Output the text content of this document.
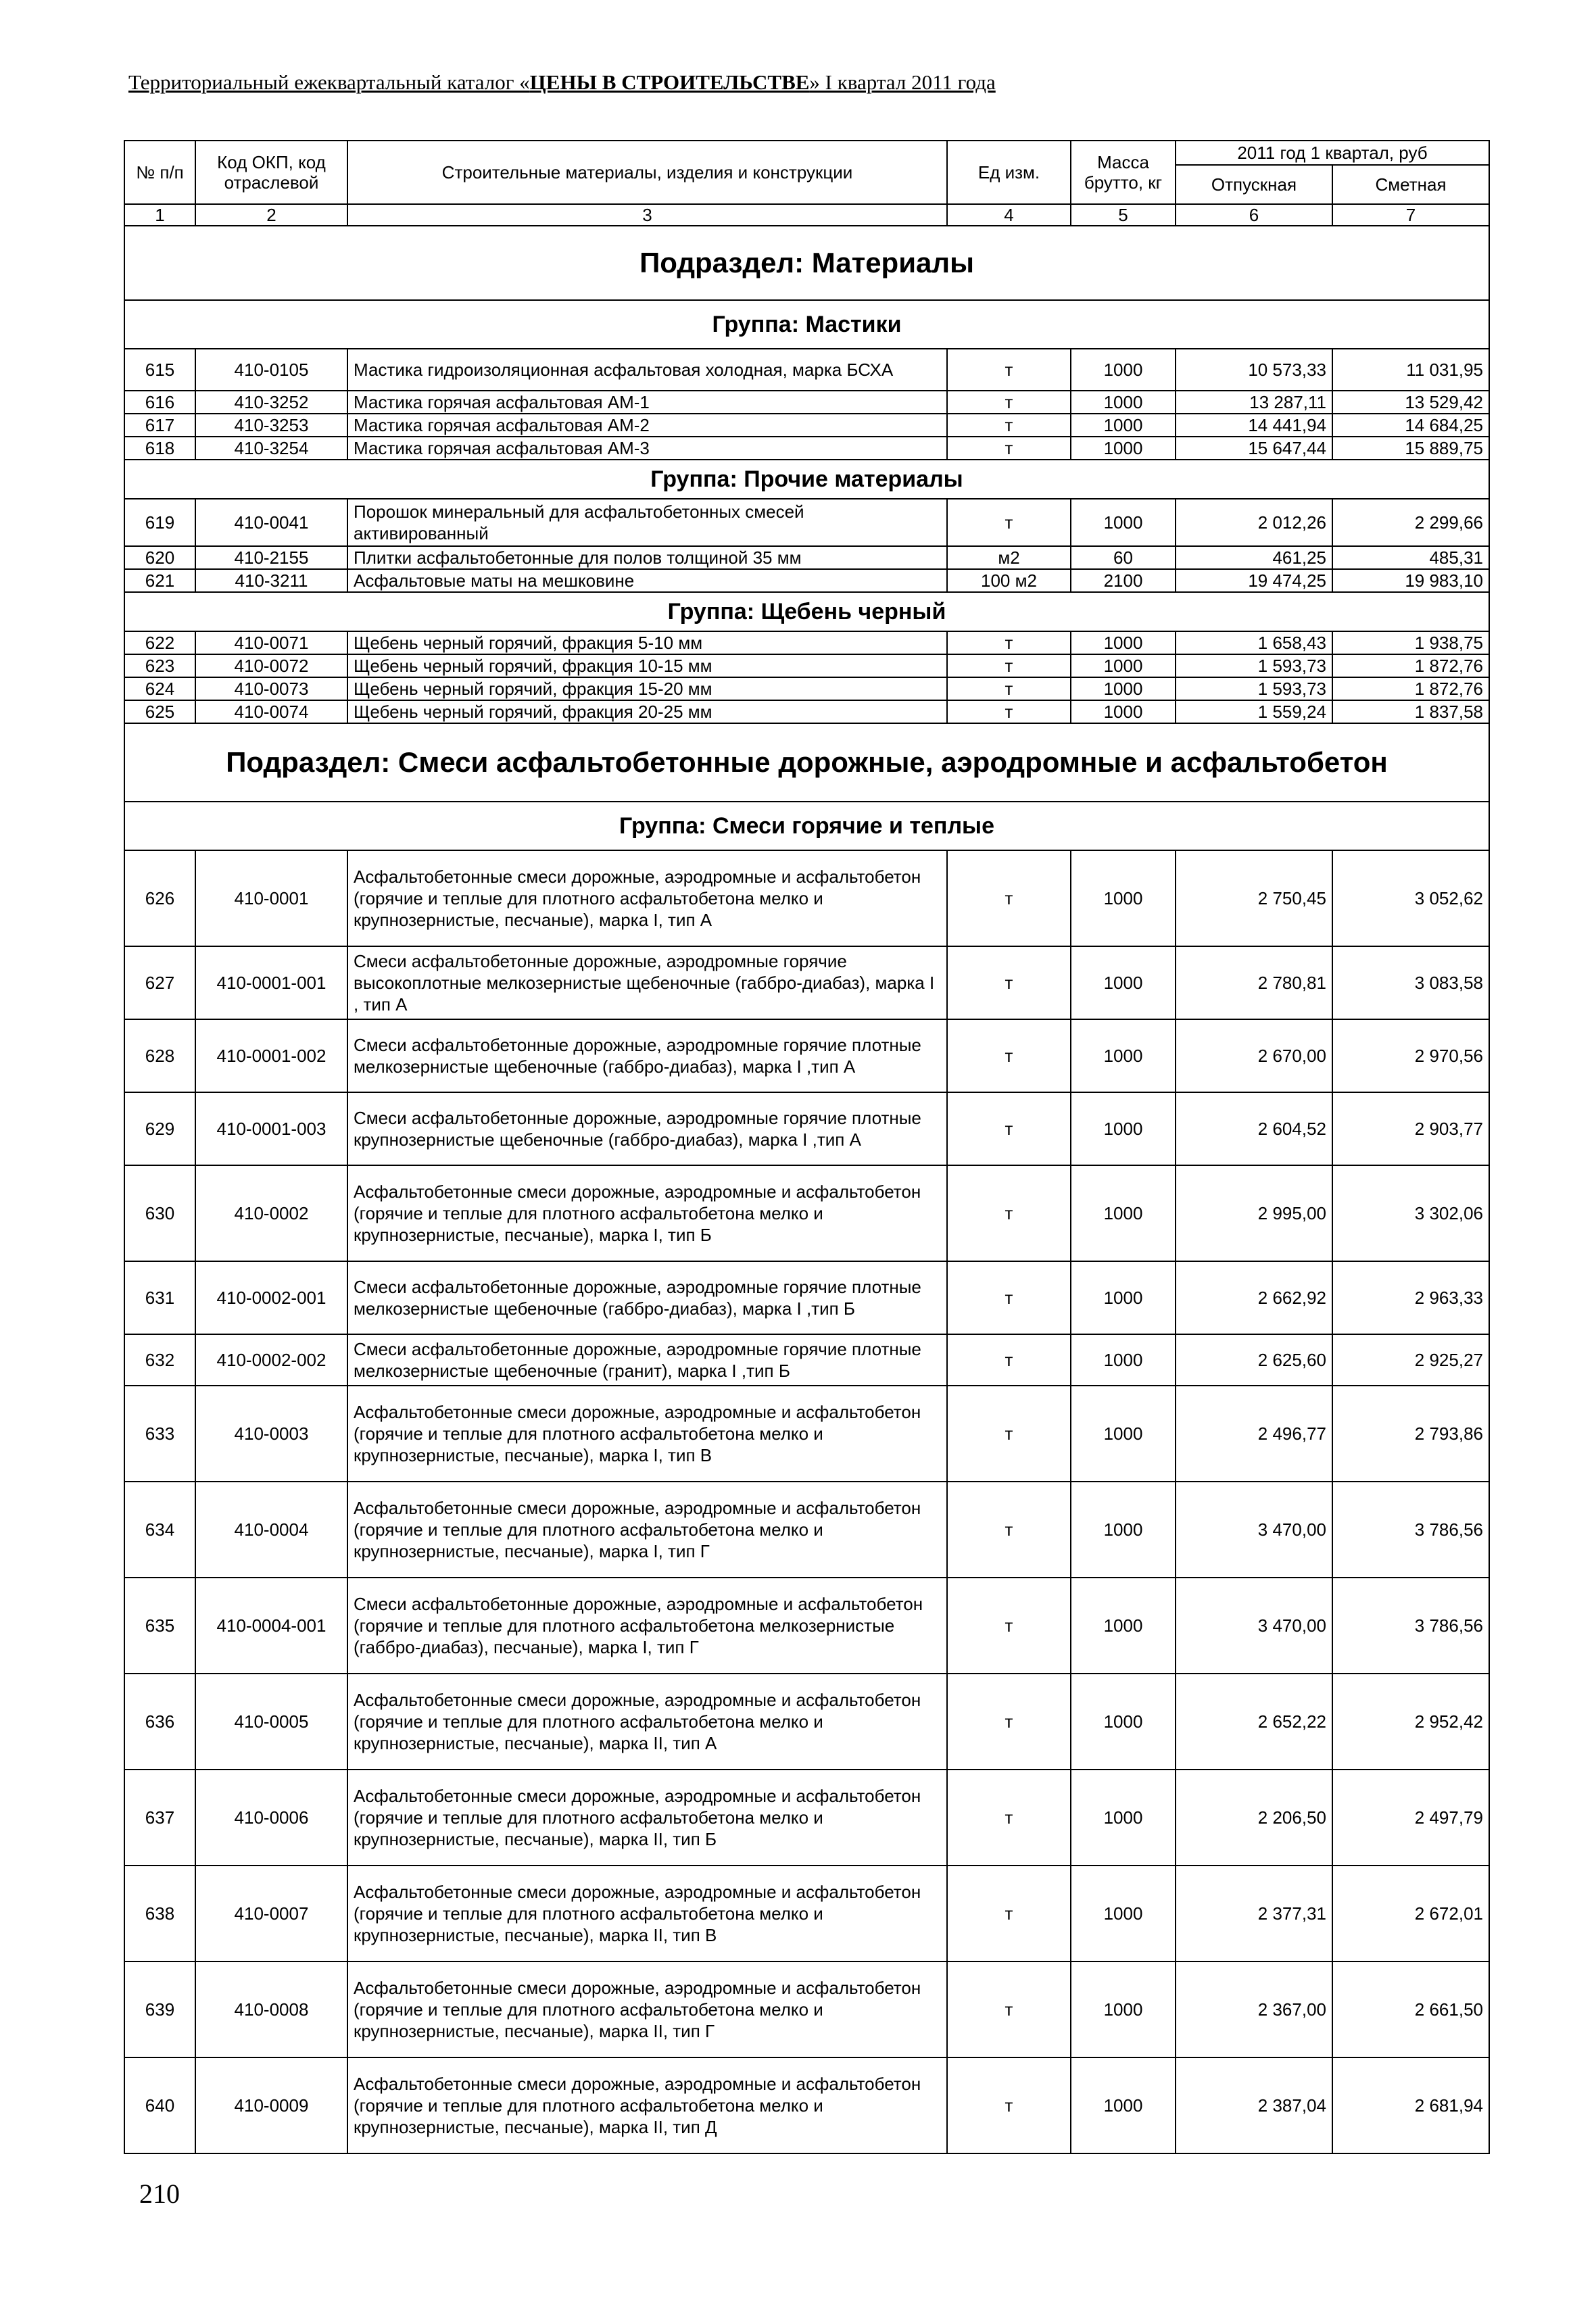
Территориальный ежеквартальный каталог «ЦЕНЫ В СТРОИТЕЛЬСТВЕ» I квартал 2011 года
№ п/п	Код ОКП, код отраслевой	Строительные материалы, изделия и конструкции	Ед изм.	Масса брутто, кг	2011 год 1 квартал, руб	
					Отпускная	Сметная
1	2	3	4	5	6	7
Подраздел: Материалы						
Группа: Мастики						
615	410-0105	Мастика гидроизоляционная асфальтовая холодная, марка БСХА	т	1000	10 573,33	11 031,95
616	410-3252	Мастика горячая асфальтовая АМ-1	т	1000	13 287,11	13 529,42
617	410-3253	Мастика горячая асфальтовая АМ-2	т	1000	14 441,94	14 684,25
618	410-3254	Мастика горячая асфальтовая АМ-3	т	1000	15 647,44	15 889,75
Группа: Прочие материалы						
619	410-0041	Порошок минеральный для асфальтобетонных смесей активированный	т	1000	2 012,26	2 299,66
620	410-2155	Плитки асфальтобетонные для полов толщиной 35 мм	м2	60	461,25	485,31
621	410-3211	Асфальтовые маты на мешковине	100 м2	2100	19 474,25	19 983,10
Группа: Щебень черный						
622	410-0071	Щебень черный горячий, фракция 5-10 мм	т	1000	1 658,43	1 938,75
623	410-0072	Щебень черный горячий, фракция 10-15 мм	т	1000	1 593,73	1 872,76
624	410-0073	Щебень черный горячий, фракция 15-20 мм	т	1000	1 593,73	1 872,76
625	410-0074	Щебень черный горячий, фракция 20-25 мм	т	1000	1 559,24	1 837,58
Подраздел: Смеси асфальтобетонные дорожные, аэродромные и асфальтобетон						
Группа: Смеси горячие и теплые						
626	410-0001	Асфальтобетонные смеси дорожные, аэродромные и асфальтобетон (горячие и теплые для плотного асфальтобетона мелко и крупнозернистые, песчаные), марка I, тип А	т	1000	2 750,45	3 052,62
627	410-0001-001	Смеси асфальтобетонные дорожные, аэродромные горячие высокоплотные мелкозернистые щебеночные (габбро-диабаз), марка I , тип А	т	1000	2 780,81	3 083,58
628	410-0001-002	Смеси асфальтобетонные дорожные, аэродромные горячие плотные мелкозернистые щебеночные (габбро-диабаз), марка I ,тип А	т	1000	2 670,00	2 970,56
629	410-0001-003	Смеси асфальтобетонные дорожные, аэродромные горячие плотные крупнозернистые щебеночные (габбро-диабаз), марка I ,тип А	т	1000	2 604,52	2 903,77
630	410-0002	Асфальтобетонные смеси дорожные, аэродромные и асфальтобетон (горячие и теплые для плотного асфальтобетона мелко и крупнозернистые, песчаные), марка I, тип Б	т	1000	2 995,00	3 302,06
631	410-0002-001	Смеси асфальтобетонные дорожные, аэродромные горячие плотные мелкозернистые щебеночные (габбро-диабаз), марка I ,тип Б	т	1000	2 662,92	2 963,33
632	410-0002-002	Смеси асфальтобетонные дорожные, аэродромные горячие плотные мелкозернистые щебеночные (гранит), марка I ,тип Б	т	1000	2 625,60	2 925,27
633	410-0003	Асфальтобетонные смеси дорожные, аэродромные и асфальтобетон (горячие и теплые для плотного асфальтобетона мелко и крупнозернистые, песчаные), марка I, тип В	т	1000	2 496,77	2 793,86
634	410-0004	Асфальтобетонные смеси дорожные, аэродромные и асфальтобетон (горячие и теплые для плотного асфальтобетона мелко и крупнозернистые, песчаные), марка I, тип Г	т	1000	3 470,00	3 786,56
635	410-0004-001	Смеси асфальтобетонные дорожные, аэродромные и асфальтобетон (горячие и теплые для плотного асфальтобетона мелкозернистые (габбро-диабаз), песчаные), марка I, тип Г	т	1000	3 470,00	3 786,56
636	410-0005	Асфальтобетонные смеси дорожные, аэродромные и асфальтобетон (горячие и теплые для плотного асфальтобетона мелко и крупнозернистые, песчаные), марка II, тип А	т	1000	2 652,22	2 952,42
637	410-0006	Асфальтобетонные смеси дорожные, аэродромные и асфальтобетон (горячие и теплые для плотного асфальтобетона мелко и крупнозернистые, песчаные), марка II, тип Б	т	1000	2 206,50	2 497,79
638	410-0007	Асфальтобетонные смеси дорожные, аэродромные и асфальтобетон (горячие и теплые для плотного асфальтобетона мелко и крупнозернистые, песчаные), марка II, тип В	т	1000	2 377,31	2 672,01
639	410-0008	Асфальтобетонные смеси дорожные, аэродромные и асфальтобетон (горячие и теплые для плотного асфальтобетона мелко и крупнозернистые, песчаные), марка II, тип Г	т	1000	2 367,00	2 661,50
640	410-0009	Асфальтобетонные смеси дорожные, аэродромные и асфальтобетон (горячие и теплые для плотного асфальтобетона мелко и крупнозернистые, песчаные), марка II, тип Д	т	1000	2 387,04	2 681,94
210
